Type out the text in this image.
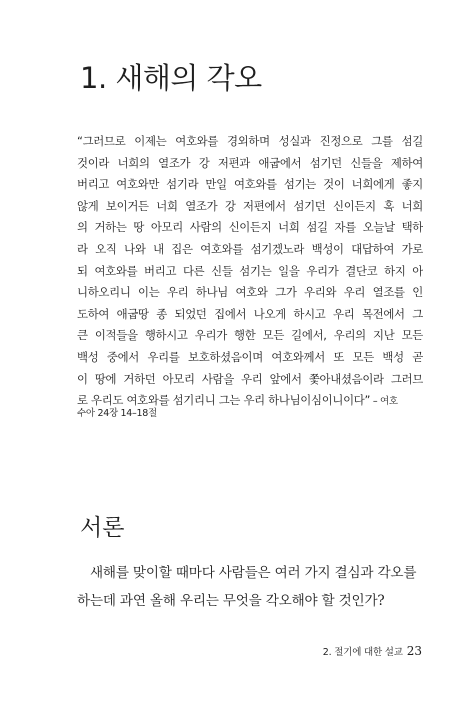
1. 새해의 각오
“그러므로 이제는 여호와를 경외하며 성실과 진정으로 그를 섬길
것이라 너희의 열조가 강 저편과 애굽에서 섬기던 신들을 제하여
버리고 여호와만 섬기라 만일 여호와를 섬기는 것이 너희에게 좋지
않게 보이거든 너희 열조가 강 저편에서 섬기던 신이든지 혹 너희
의 거하는 땅 아모리 사람의 신이든지 너희 섬길 자를 오늘날 택하
라 오직 나와 내 집은 여호와를 섬기겠노라 백성이 대답하여 가로
되 여호와를 버리고 다른 신들 섬기는 일을 우리가 결단코 하지 아
니하오리니 이는 우리 하나님 여호와 그가 우리와 우리 열조를 인
도하여 애굽땅 종 되었던 집에서 나오게 하시고 우리 목전에서 그
큰 이적들을 행하시고 우리가 행한 모든 길에서, 우리의 지난 모든
백성 중에서 우리를 보호하셨음이며 여호와께서 또 모든 백성 곧
이 땅에 거하던 아모리 사람을 우리 앞에서 쫓아내셨음이라 그러므
로 우리도 여호와를 섬기리니 그는 우리 하나님이심이니이다” – 여호

수아 24장 14–18절

서론
새해를 맞이할 때마다 사람들은 여러 가지 결심과 각오를
하는데 과연 올해 우리는 무엇을 각오해야 할 것인가?
2. 절기에 대한 설교 23
